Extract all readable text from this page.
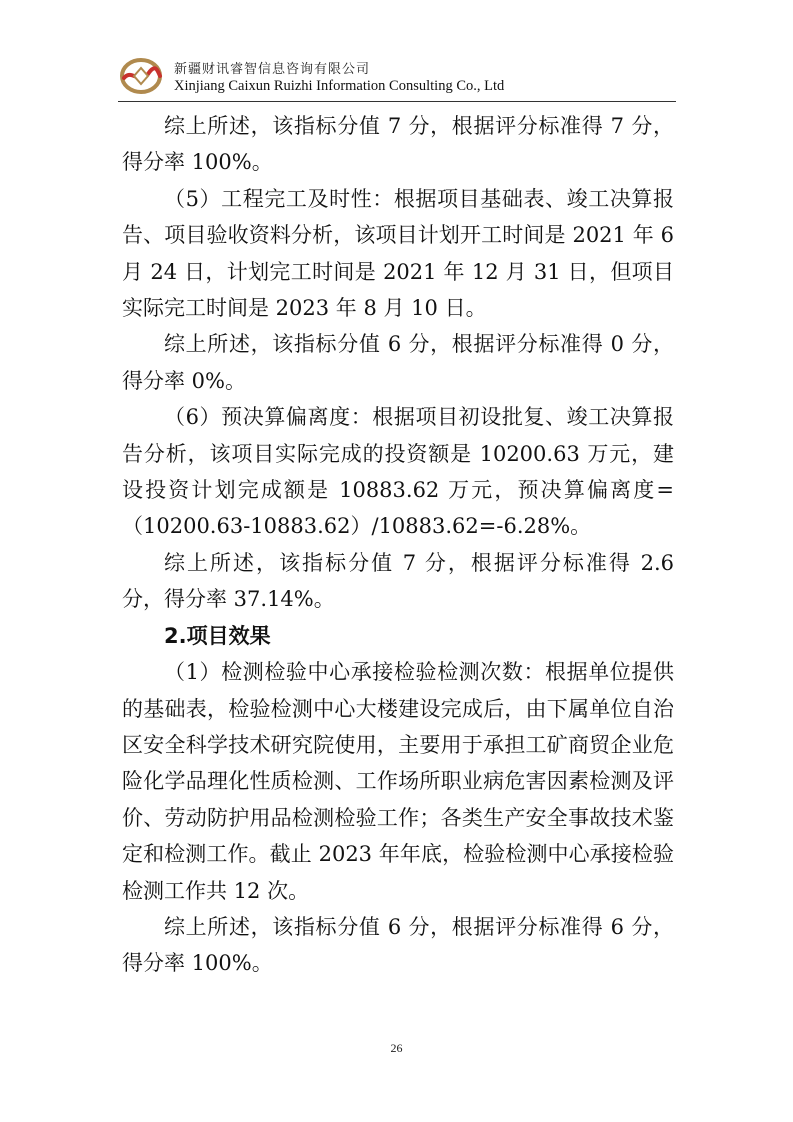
新疆财讯睿智信息咨询有限公司
Xinjiang Caixun Ruizhi Information Consulting Co., Ltd

综上所述，该指标分值 7 分，根据评分标准得 7 分，得分率 100%。

（5）工程完工及时性：根据项目基础表、竣工决算报告、项目验收资料分析，该项目计划开工时间是 2021 年 6 月 24 日，计划完工时间是 2021 年 12 月 31 日，但项目实际完工时间是 2023 年 8 月 10 日。

综上所述，该指标分值 6 分，根据评分标准得 0 分，得分率 0%。

（6）预决算偏离度：根据项目初设批复、竣工决算报告分析，该项目实际完成的投资额是 10200.63 万元，建设投资计划完成额是 10883.62 万元，预决算偏离度=

（10200.63-10883.62）/10883.62=-6.28%。

综上所述，该指标分值 7 分，根据评分标准得 2.6 分，得分率 37.14%。

2.项目效果

（1）检测检验中心承接检验检测次数：根据单位提供的基础表，检验检测中心大楼建设完成后，由下属单位自治区安全科学技术研究院使用，主要用于承担工矿商贸企业危险化学品理化性质检测、工作场所职业病危害因素检测及评价、劳动防护用品检测检验工作；各类生产安全事故技术鉴定和检测工作。截止 2023 年年底，检验检测中心承接检验检测工作共 12 次。

综上所述，该指标分值 6 分，根据评分标准得 6 分，得分率 100%。

26
